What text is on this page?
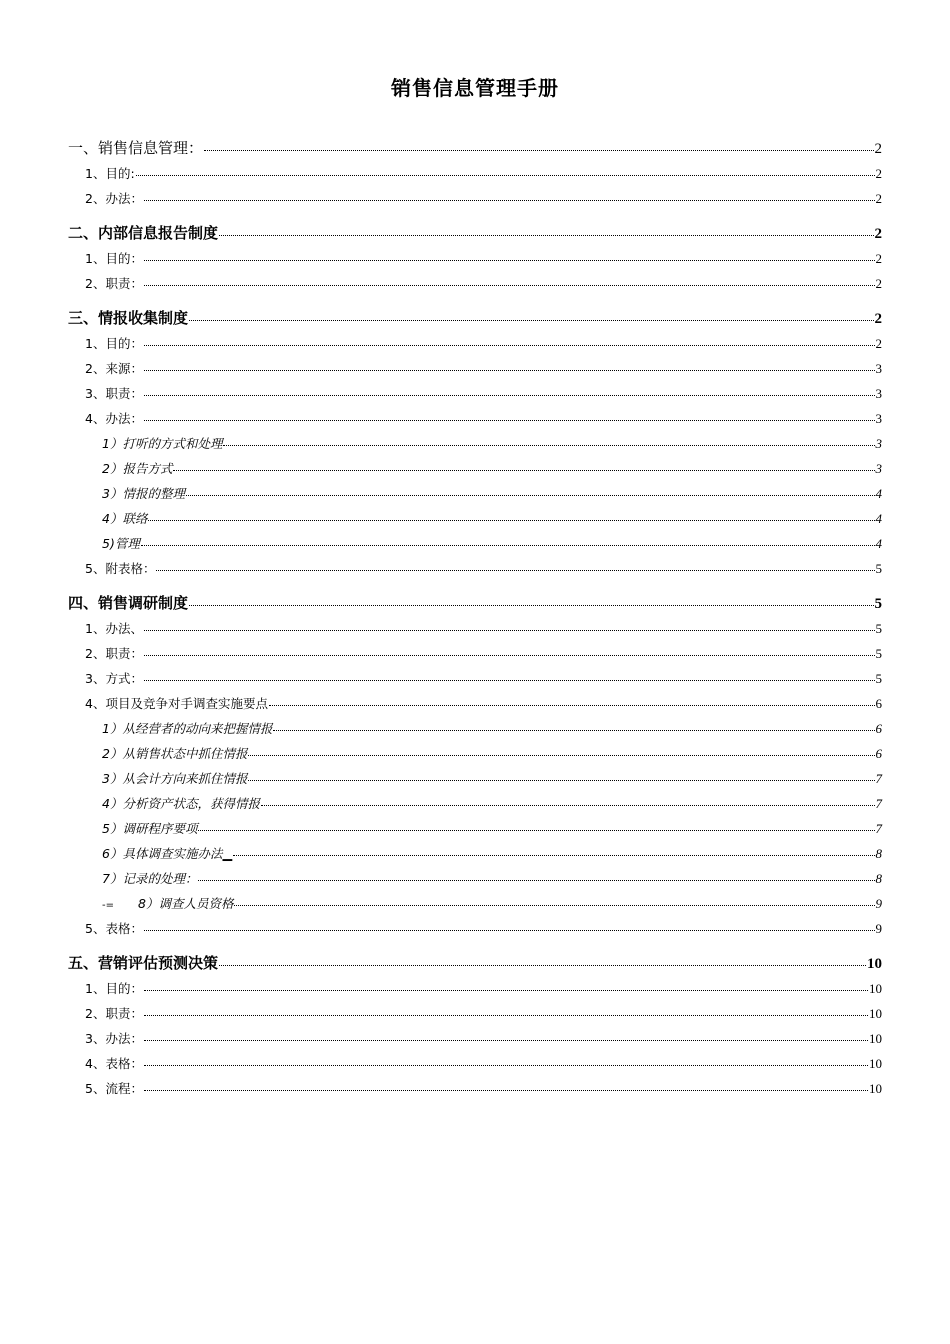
销售信息管理手册
一、销售信息管理：	2
1、目的:	2
2、办法：	2
二、内部信息报告制度	2
1、目的：	2
2、职责：	2
三、情报收集制度	2
1、目的：	2
2、来源：	3
3、职责：	3
4、办法：	3
1）打听的方式和处理	3
2）报告方式	3
3）情报的整理	4
4）联络	4
5)管理	4
5、附表格：	5
四、销售调研制度	5
1、办法、	5
2、职责：	5
3、方式：	5
4、项目及竞争对手调查实施要点	6
1）从经营者的动向来把握情报	6
2）从销售状态中抓住情报	6
3）从会计方向来抓住情报	7
4）分析资产状态，获得情报	7
5）调研程序要项	7
6）具体调查实施办法▁	8
7）记录的处理：	8
-= 8）调查人员资格	9
5、表格：	9
五、营销评估预测决策	10
1、目的：	10
2、职责：	10
3、办法：	10
4、表格：	10
5、流程：	10
